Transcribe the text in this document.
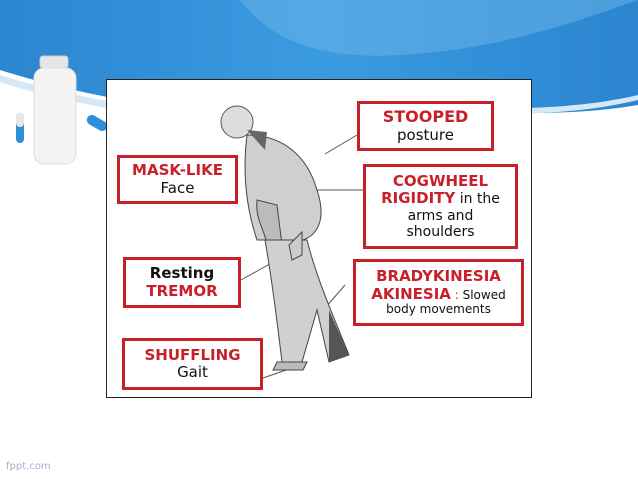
STOOPED
posture
MASK-LIKE
Face	COGWHEEL
RIGIDITY in the
arms and
shoulders
Resting
TREMOR
BRADYKINESIA
AKINESIA : Slowed
body movements
SHUFFLING
Gait
fppt.com
